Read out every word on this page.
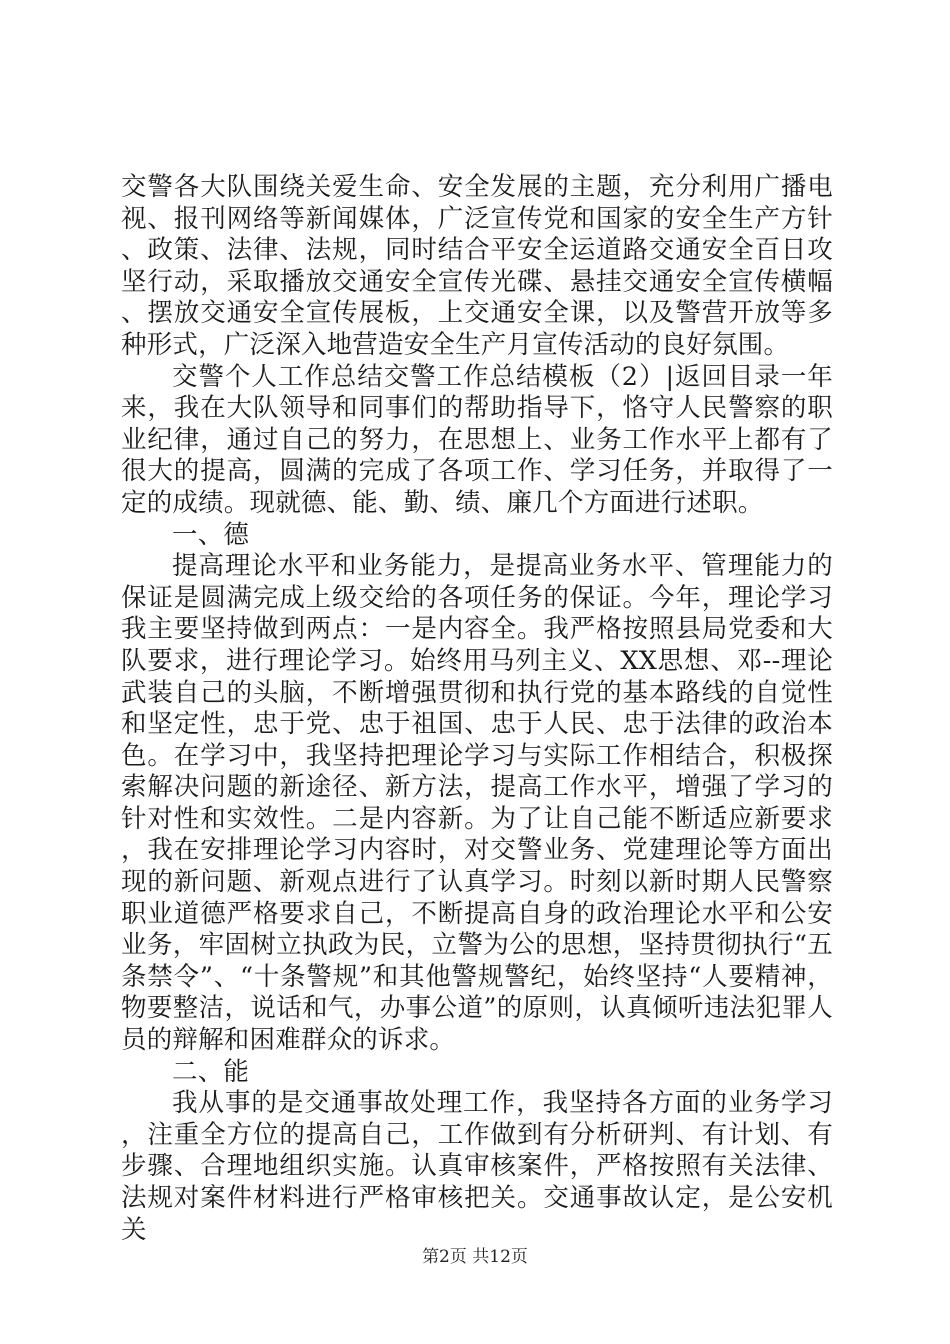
交警各大队围绕关爱生命、安全发展的主题，充分利用广播电视、报刊网络等新闻媒体，广泛宣传党和国家的安全生产方针、政策、法律、法规，同时结合平安全运道路交通安全百日攻坚行动，采取播放交通安全宣传光碟、悬挂交通安全宣传横幅、摆放交通安全宣传展板，上交通安全课，以及警营开放等多种形式，广泛深入地营造安全生产月宣传活动的良好氛围。

交警个人工作总结交警工作总结模板（2）|返回目录一年来，我在大队领导和同事们的帮助指导下，恪守人民警察的职业纪律，通过自己的努力，在思想上、业务工作水平上都有了很大的提高，圆满的完成了各项工作、学习任务，并取得了一定的成绩。现就德、能、勤、绩、廉几个方面进行述职。

一、德

提高理论水平和业务能力，是提高业务水平、管理能力的保证是圆满完成上级交给的各项任务的保证。今年，理论学习我主要坚持做到两点：一是内容全。我严格按照县局党委和大队要求，进行理论学习。始终用马列主义、XX思想、邓--理论武装自己的头脑，不断增强贯彻和执行党的基本路线的自觉性和坚定性，忠于党、忠于祖国、忠于人民、忠于法律的政治本色。在学习中，我坚持把理论学习与实际工作相结合，积极探索解决问题的新途径、新方法，提高工作水平，增强了学习的针对性和实效性。二是内容新。为了让自己能不断适应新要求，我在安排理论学习内容时，对交警业务、党建理论等方面出现的新问题、新观点进行了认真学习。时刻以新时期人民警察职业道德严格要求自己，不断提高自身的政治理论水平和公安业务，牢固树立执政为民，立警为公的思想，坚持贯彻执行“五条禁令”、“十条警规”和其他警规警纪，始终坚持“人要精神，物要整洁，说话和气，办事公道”的原则，认真倾听违法犯罪人员的辩解和困难群众的诉求。

二、能

我从事的是交通事故处理工作，我坚持各方面的业务学习，注重全方位的提高自己，工作做到有分析研判、有计划、有步骤、合理地组织实施。认真审核案件，严格按照有关法律、法规对案件材料进行严格审核把关。交通事故认定，是公安机关

第2页 共12页
